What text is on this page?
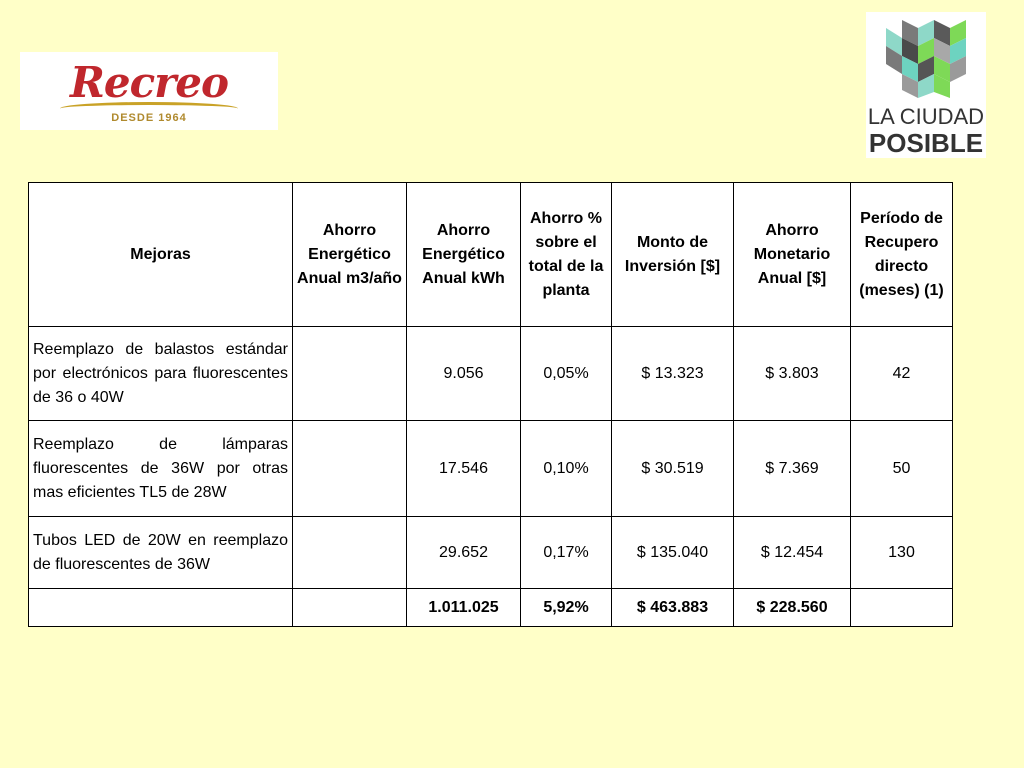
Recreo
DESDE 1964	LA CIUDAD
POSIBLE
Mejoras	Ahorro Energético Anual m3/año	Ahorro Energético Anual kWh	Ahorro % sobre el total de la planta	Monto de Inversión [$]	Ahorro Monetario Anual [$]	Período de Recupero directo (meses) (1)
Reemplazo de balastos estándar por electrónicos para fluorescentes de 36 o 40W		9.056	0,05%	$ 13.323	$ 3.803	42
Reemplazo de lámparas fluorescentes de 36W por otras mas eficientes TL5 de 28W		17.546	0,10%	$ 30.519	$ 7.369	50
Tubos LED de 20W en reemplazo de fluorescentes de 36W		29.652	0,17%	$ 135.040	$ 12.454	130
		1.011.025	5,92%	$ 463.883	$ 228.560	
